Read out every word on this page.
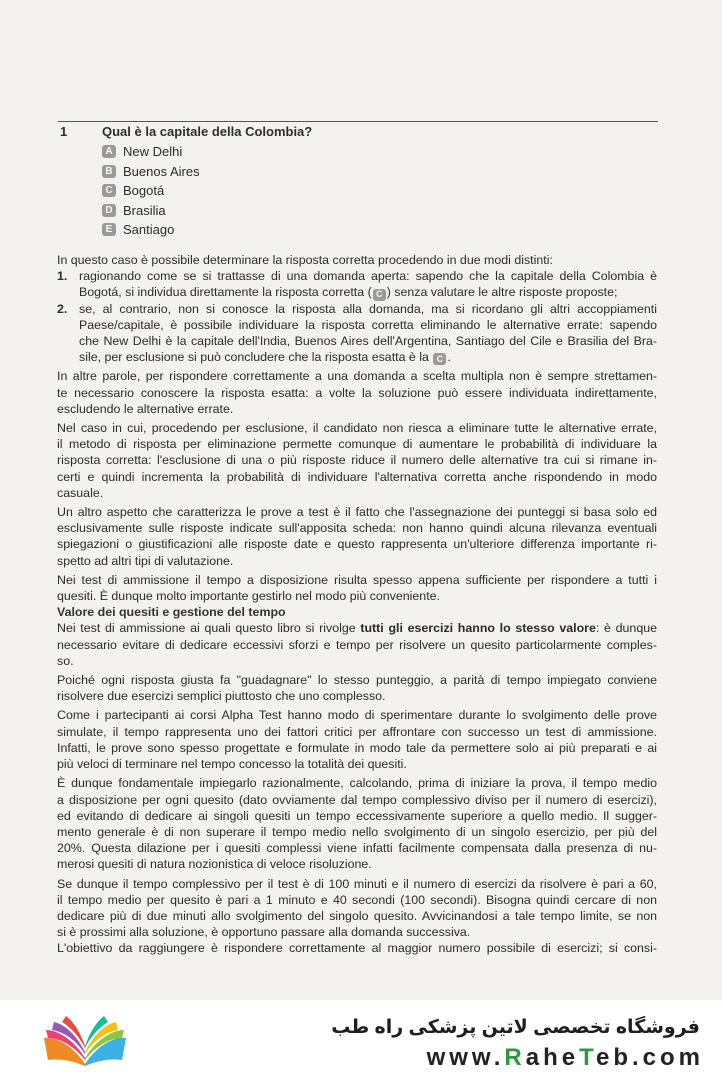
1	Qual è la capitale della Colombia?
A New Delhi
B Buenos Aires
C Bogotá
D Brasilia
E Santiago

In questo caso è possibile determinare la risposta corretta procedendo in due modi distinti:

1. ragionando come se si trattasse di una domanda aperta: sapendo che la capitale della Colombia è

Bogotá, si individua direttamente la risposta corretta ( C ) senza valutare le altre risposte proposte;

2. se, al contrario, non si conosce la risposta alla domanda, ma si ricordano gli altri accoppiamenti

Paese/capitale, è possibile individuare la risposta corretta eliminando le alternative errate: sapendo

che New Delhi è la capitale dell'India, Buenos Aires dell'Argentina, Santiago del Cile e Brasilia del Bra-

sile, per esclusione si può concludere che la risposta esatta è la C .

In altre parole, per rispondere correttamente a una domanda a scelta multipla non è sempre strettamen-

te necessario conoscere la risposta esatta: a volte la soluzione può essere individuata indirettamente,

escludendo le alternative errate.

Nel caso in cui, procedendo per esclusione, il candidato non riesca a eliminare tutte le alternative errate,

il metodo di risposta per eliminazione permette comunque di aumentare le probabilità di individuare la

risposta corretta: l'esclusione di una o più risposte riduce il numero delle alternative tra cui si rimane in-

certi e quindi incrementa la probabilità di individuare l'alternativa corretta anche rispondendo in modo

casuale.

Un altro aspetto che caratterizza le prove a test è il fatto che l'assegnazione dei punteggi si basa solo ed

esclusivamente sulle risposte indicate sull'apposita scheda: non hanno quindi alcuna rilevanza eventuali

spiegazioni o giustificazioni alle risposte date e questo rappresenta un'ulteriore differenza importante ri-

spetto ad altri tipi di valutazione.

Nei test di ammissione il tempo a disposizione risulta spesso appena sufficiente per rispondere a tutti i

quesiti. È dunque molto importante gestirlo nel modo più conveniente.

Valore dei quesiti e gestione del tempo

Nei test di ammissione ai quali questo libro si rivolge tutti gli esercizi hanno lo stesso valore: è dunque

necessario evitare di dedicare eccessivi sforzi e tempo per risolvere un quesito particolarmente comples-

so.

Poiché ogni risposta giusta fa "guadagnare" lo stesso punteggio, a parità di tempo impiegato conviene

risolvere due esercizi semplici piuttosto che uno complesso.

Come i partecipanti ai corsi Alpha Test hanno modo di sperimentare durante lo svolgimento delle prove

simulate, il tempo rappresenta uno dei fattori critici per affrontare con successo un test di ammissione.

Infatti, le prove sono spesso progettate e formulate in modo tale da permettere solo ai più preparati e ai

più veloci di terminare nel tempo concesso la totalità dei quesiti.

È dunque fondamentale impiegarlo razionalmente, calcolando, prima di iniziare la prova, il tempo medio

a disposizione per ogni quesito (dato ovviamente dal tempo complessivo diviso per il numero di esercizi),

ed evitando di dedicare ai singoli quesiti un tempo eccessivamente superiore a quello medio. Il sugger-

mento generale è di non superare il tempo medio nello svolgimento di un singolo esercizio, per più del

20%. Questa dilazione per i quesiti complessi viene infatti facilmente compensata dalla presenza di nu-

merosi quesiti di natura nozionistica di veloce risoluzione.

Se dunque il tempo complessivo per il test è di 100 minuti e il numero di esercizi da risolvere è pari a 60,

il tempo medio per quesito è pari a 1 minuto e 40 secondi (100 secondi). Bisogna quindi cercare di non

dedicare più di due minuti allo svolgimento del singolo quesito. Avvicinandosi a tale tempo limite, se non

si è prossimi alla soluzione, è opportuno passare alla domanda successiva.

L'obiettivo da raggiungere è rispondere correttamente al maggior numero possibile di esercizi; si consi-

فروشگاه تخصصی لاتین پزشکی راه طب
www.RaheTeb.com
